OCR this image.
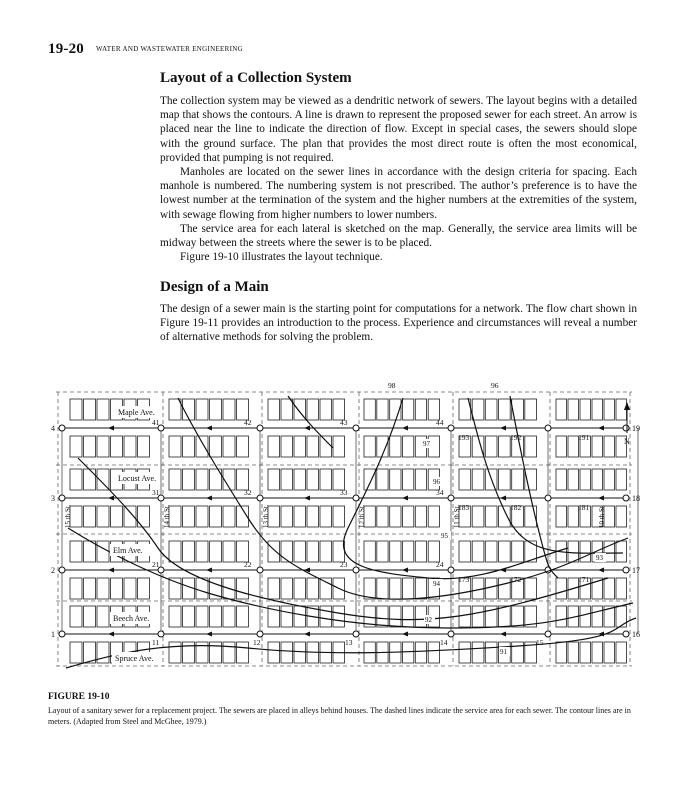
19-20 WATER AND WASTEWATER ENGINEERING
Layout of a Collection System

The collection system may be viewed as a dendritic network of sewers. The layout begins with a detailed map that shows the contours. A line is drawn to represent the proposed sewer for each street. An arrow is placed near the line to indicate the direction of flow. Except in special cases, the sewers should slope with the ground surface. The plan that provides the most direct route is often the most economical, provided that pumping is not required.

Manholes are located on the sewer lines in accordance with the design criteria for spacing. Each manhole is numbered. The numbering system is not prescribed. The author’s preference is to have the lowest number at the termination of the system and the higher numbers at the extremities of the system, with sewage flowing from higher numbers to lower numbers.

The service area for each lateral is sketched on the map. Generally, the service area limits will be midway between the streets where the sewer is to be placed.

Figure 19-10 illustrates the layout technique.

Design of a Main

The design of a sewer main is the starting point for computations for a network. The flow chart shown in Figure 19-11 provides an introduction to the process. Experience and circumstances will reveal a number of alternative methods for solving the problem.

Maple Ave.
Locust Ave.
Elm Ave.
Beech Ave.
Spruce Ave.
15 th St.	14 th St.	13 th St.	12 th St.	11 th St.	10 th St.
4
3
2
1
19
18
17
16
41	42	43	44
193	192	191
31	32	33	34
183	182	181
21	22	23	24
173	172	171
11	12	13	14	15
98	96
97
96
95
94
93
92
91
N
FIGURE 19-10
Layout of a sanitary sewer for a replacement project. The sewers are placed in alleys behind houses. The dashed lines indicate the service area for each sewer. The contour lines are in meters. (Adapted from Steel and McGhee, 1979.)
